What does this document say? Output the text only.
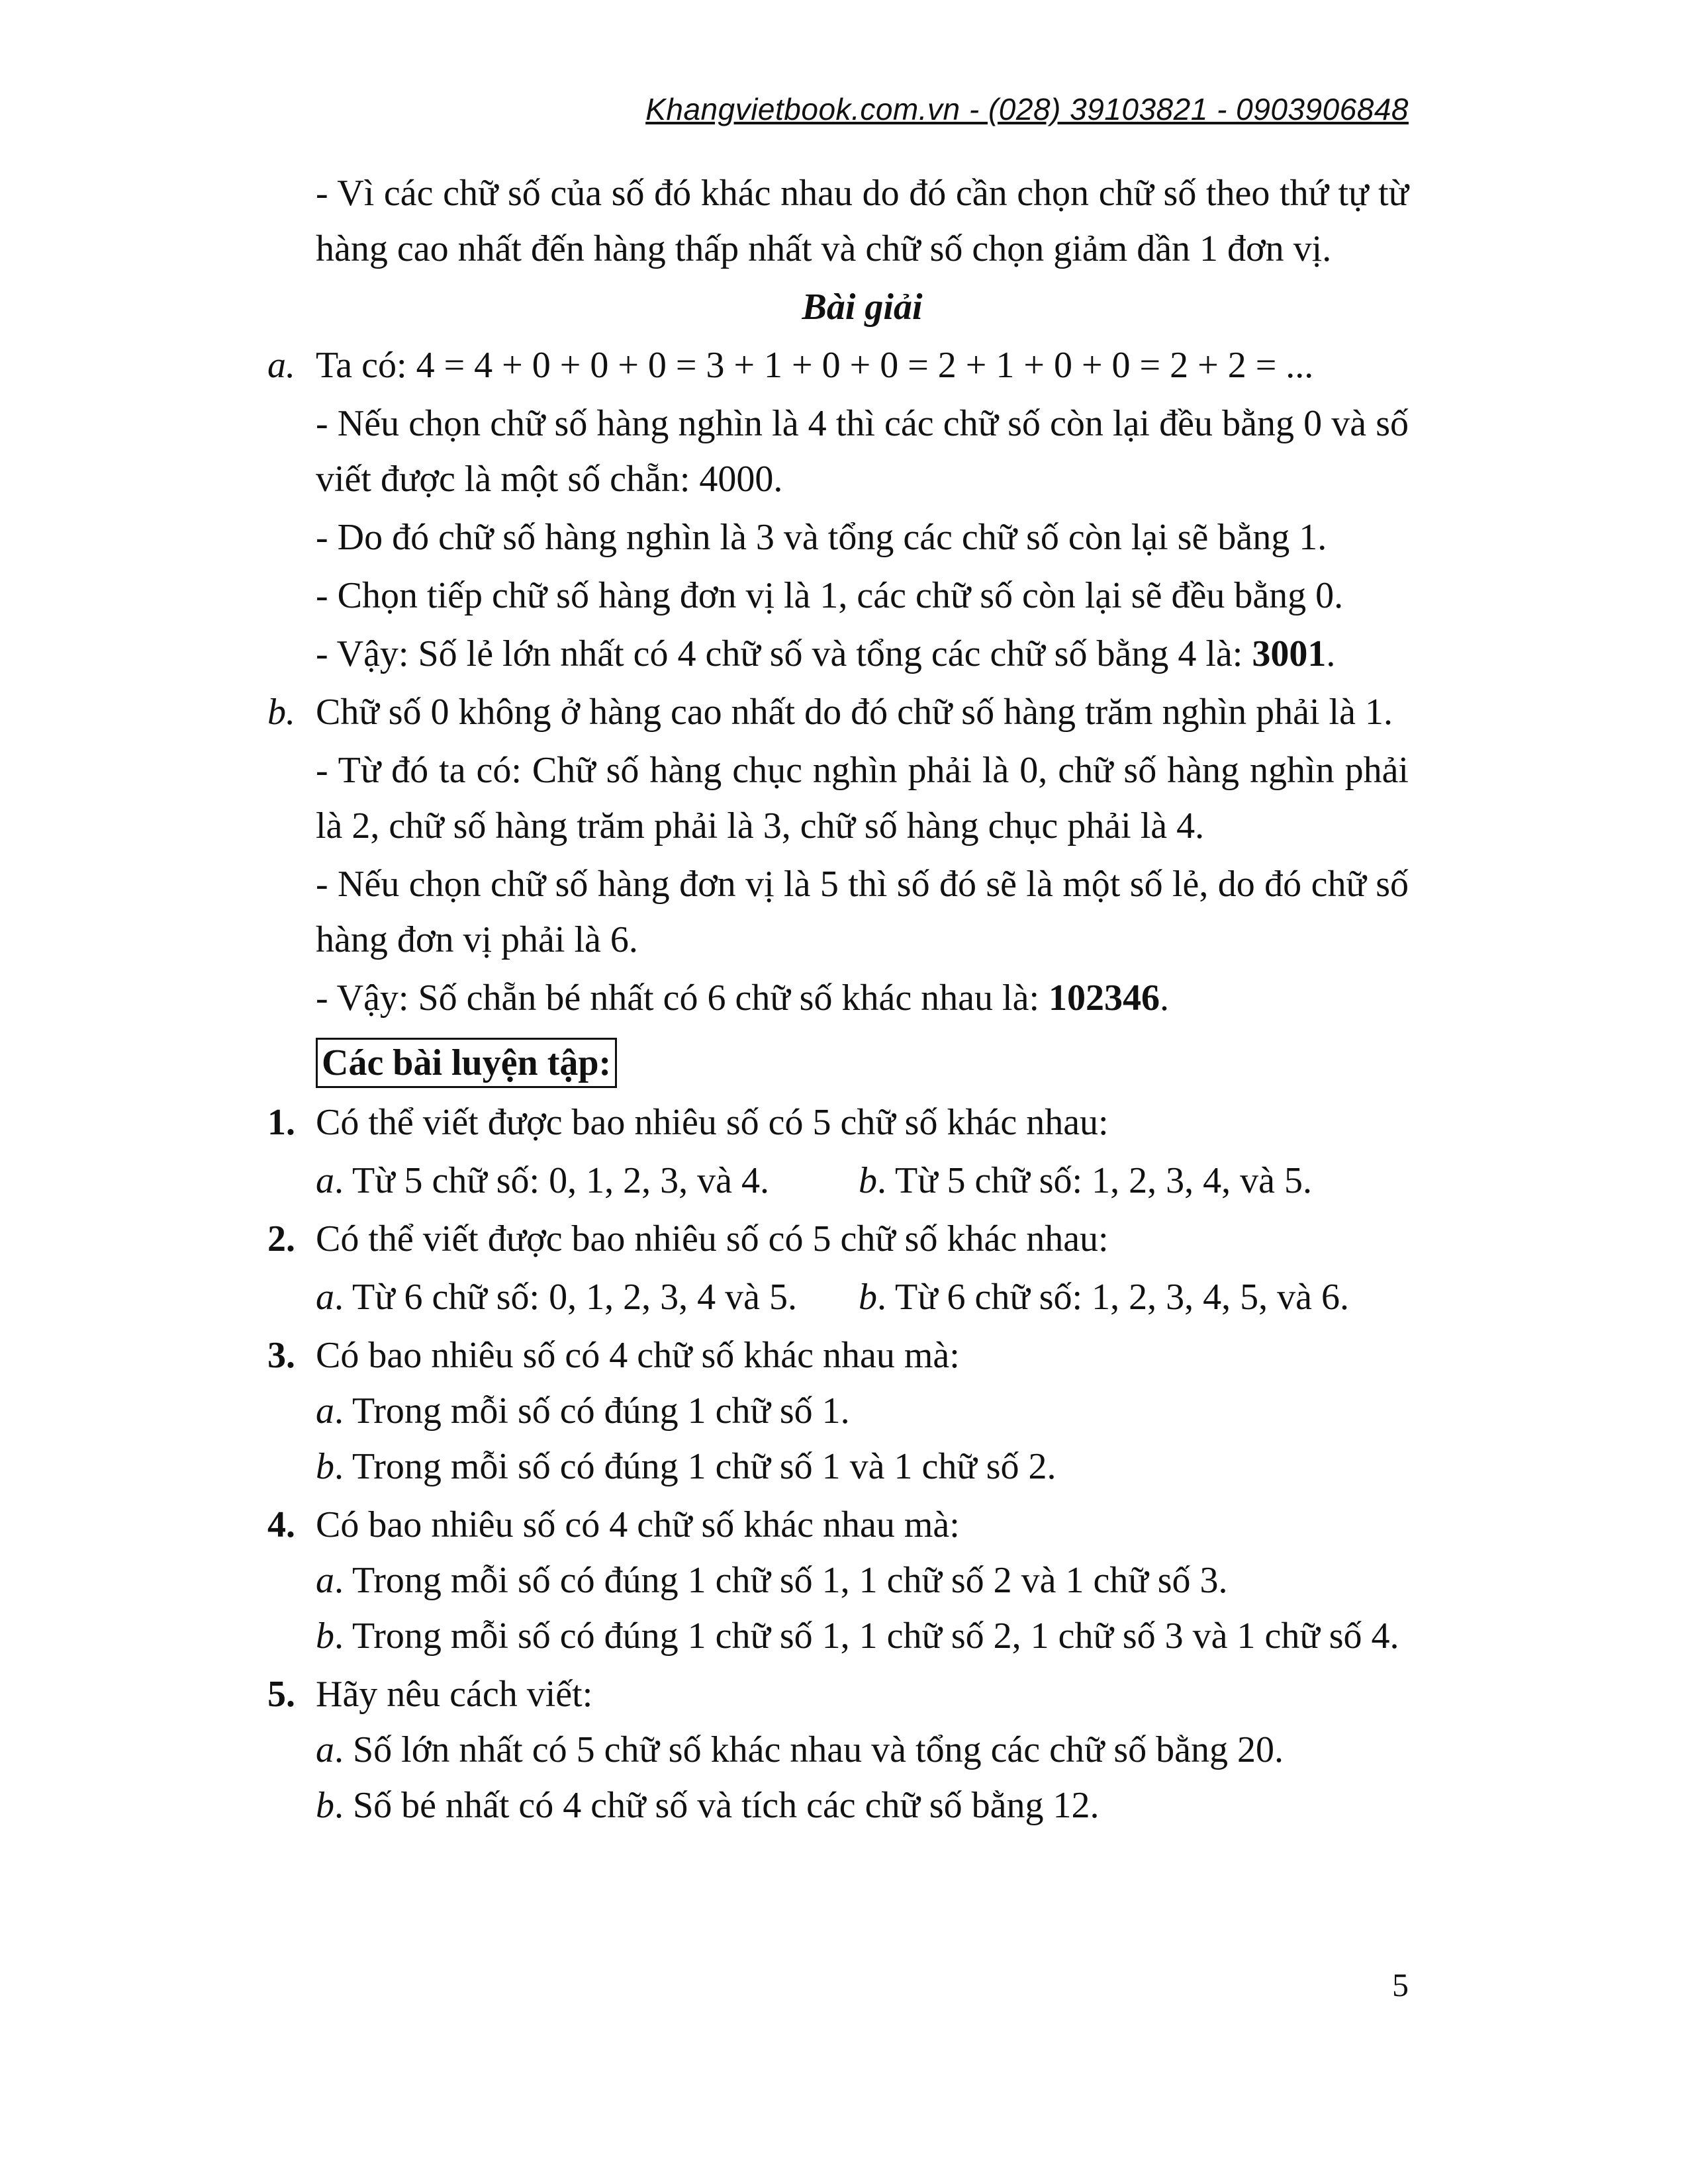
Khangvietbook.com.vn - (028) 39103821 - 0903906848

- Vì các chữ số của số đó khác nhau do đó cần chọn chữ số theo thứ tự từ hàng cao nhất đến hàng thấp nhất và chữ số chọn giảm dần 1 đơn vị.

Bài giải
a. Ta có: 4 = 4 + 0 + 0 + 0 = 3 + 1 + 0 + 0 = 2 + 1 + 0 + 0 = 2 + 2 = ...

- Nếu chọn chữ số hàng nghìn là 4 thì các chữ số còn lại đều bằng 0 và số viết được là một số chẵn: 4000.

- Do đó chữ số hàng nghìn là 3 và tổng các chữ số còn lại sẽ bằng 1.

- Chọn tiếp chữ số hàng đơn vị là 1, các chữ số còn lại sẽ đều bằng 0.

- Vậy: Số lẻ lớn nhất có 4 chữ số và tổng các chữ số bằng 4 là: 3001.

b. Chữ số 0 không ở hàng cao nhất do đó chữ số hàng trăm nghìn phải là 1.

- Từ đó ta có: Chữ số hàng chục nghìn phải là 0, chữ số hàng nghìn phải là 2, chữ số hàng trăm phải là 3, chữ số hàng chục phải là 4.

- Nếu chọn chữ số hàng đơn vị là 5 thì số đó sẽ là một số lẻ, do đó chữ số hàng đơn vị phải là 6.

- Vậy: Số chẵn bé nhất có 6 chữ số khác nhau là: 102346.

Các bài luyện tập:
1. Có thể viết được bao nhiêu số có 5 chữ số khác nhau:
a. Từ 5 chữ số: 0, 1, 2, 3, và 4.	b. Từ 5 chữ số: 1, 2, 3, 4, và 5.
2. Có thể viết được bao nhiêu số có 5 chữ số khác nhau:
a. Từ 6 chữ số: 0, 1, 2, 3, 4 và 5.	b. Từ 6 chữ số: 1, 2, 3, 4, 5, và 6.
3. Có bao nhiêu số có 4 chữ số khác nhau mà:
a. Trong mỗi số có đúng 1 chữ số 1.
b. Trong mỗi số có đúng 1 chữ số 1 và 1 chữ số 2.
4. Có bao nhiêu số có 4 chữ số khác nhau mà:
a. Trong mỗi số có đúng 1 chữ số 1, 1 chữ số 2 và 1 chữ số 3.
b. Trong mỗi số có đúng 1 chữ số 1, 1 chữ số 2, 1 chữ số 3 và 1 chữ số 4.
5. Hãy nêu cách viết:
a. Số lớn nhất có 5 chữ số khác nhau và tổng các chữ số bằng 20.
b. Số bé nhất có 4 chữ số và tích các chữ số bằng 12.
5
